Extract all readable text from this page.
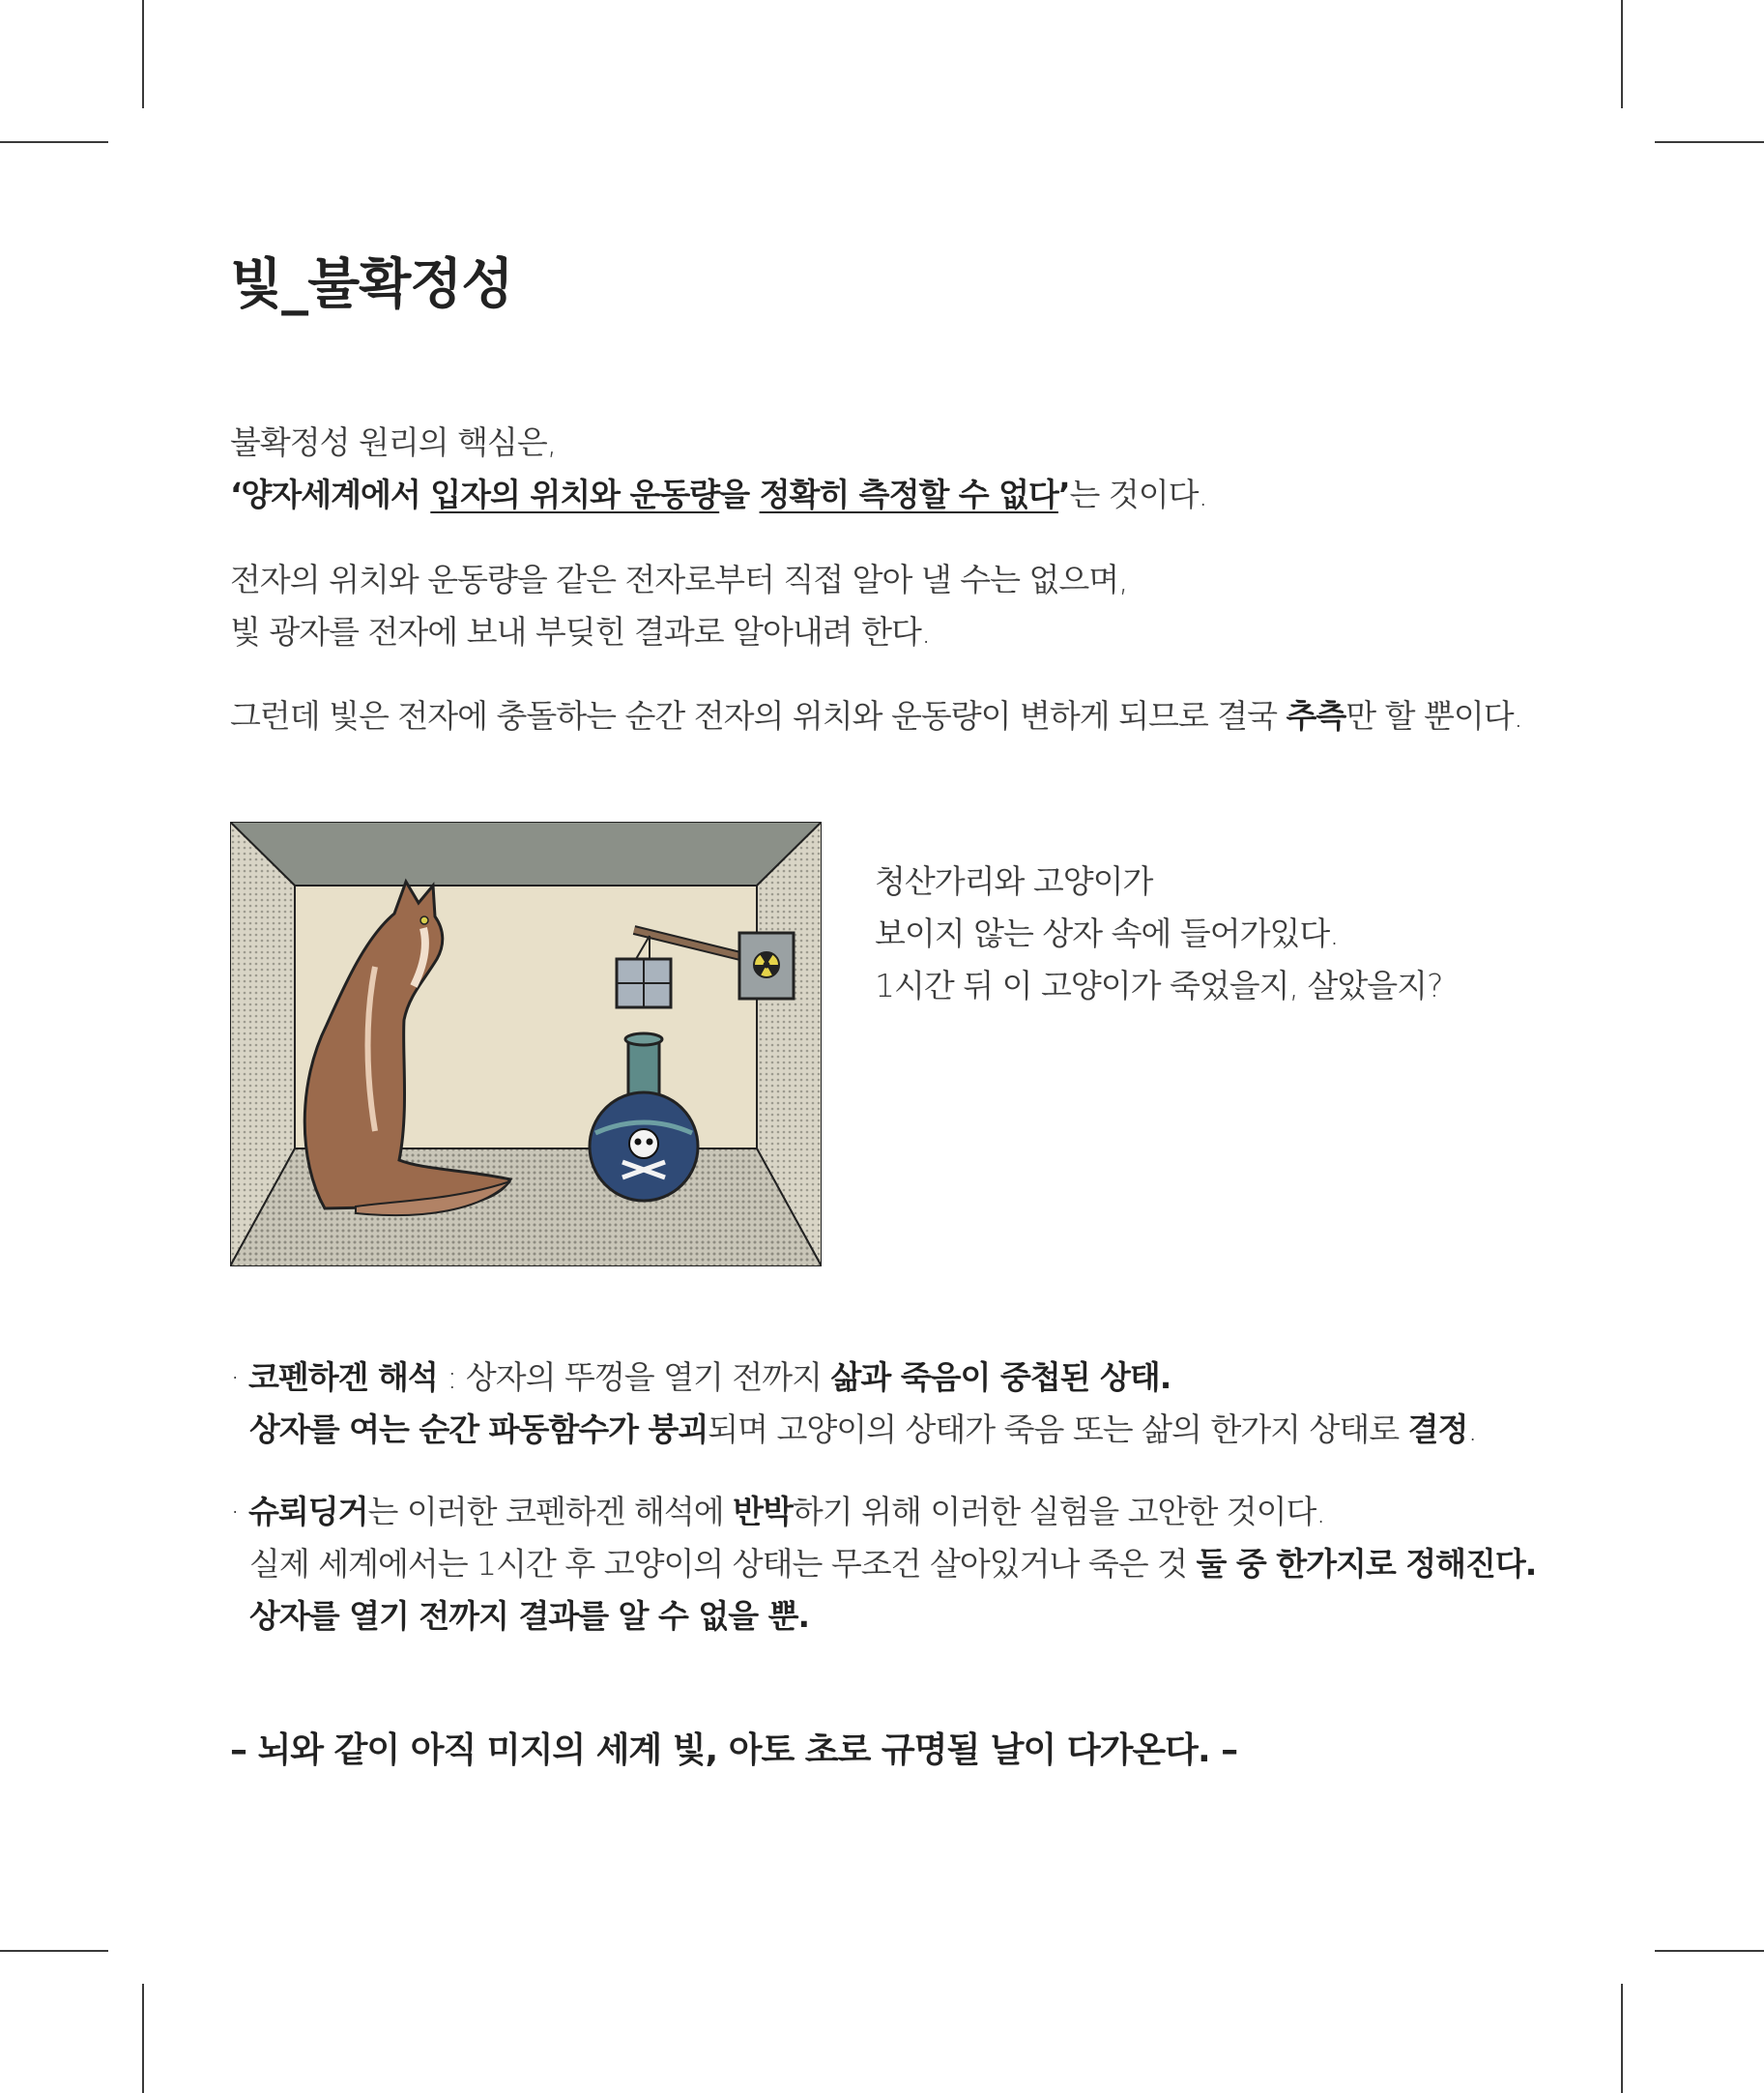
빛_불확정성
불확정성 원리의 핵심은,
‘양자세계에서 입자의 위치와 운동량을 정확히 측정할 수 없다’는 것이다.
전자의 위치와 운동량을 같은 전자로부터 직접 알아 낼 수는 없으며,
빛 광자를 전자에 보내 부딪힌 결과로 알아내려 한다.
그런데 빛은 전자에 충돌하는 순간 전자의 위치와 운동량이 변하게 되므로 결국 추측만 할 뿐이다.
청산가리와 고양이가
보이지 않는 상자 속에 들어가있다.
1시간 뒤 이 고양이가 죽었을지, 살았을지?
· 코펜하겐 해석 : 상자의 뚜껑을 열기 전까지 삶과 죽음이 중첩된 상태.
상자를 여는 순간 파동함수가 붕괴되며 고양이의 상태가 죽음 또는 삶의 한가지 상태로 결정.
· 슈뢰딩거는 이러한 코펜하겐 해석에 반박하기 위해 이러한 실험을 고안한 것이다.
실제 세계에서는 1시간 후 고양이의 상태는 무조건 살아있거나 죽은 것 둘 중 한가지로 정해진다.
상자를 열기 전까지 결과를 알 수 없을 뿐.

– 뇌와 같이 아직 미지의 세계 빛, 아토 초로 규명될 날이 다가온다. –
